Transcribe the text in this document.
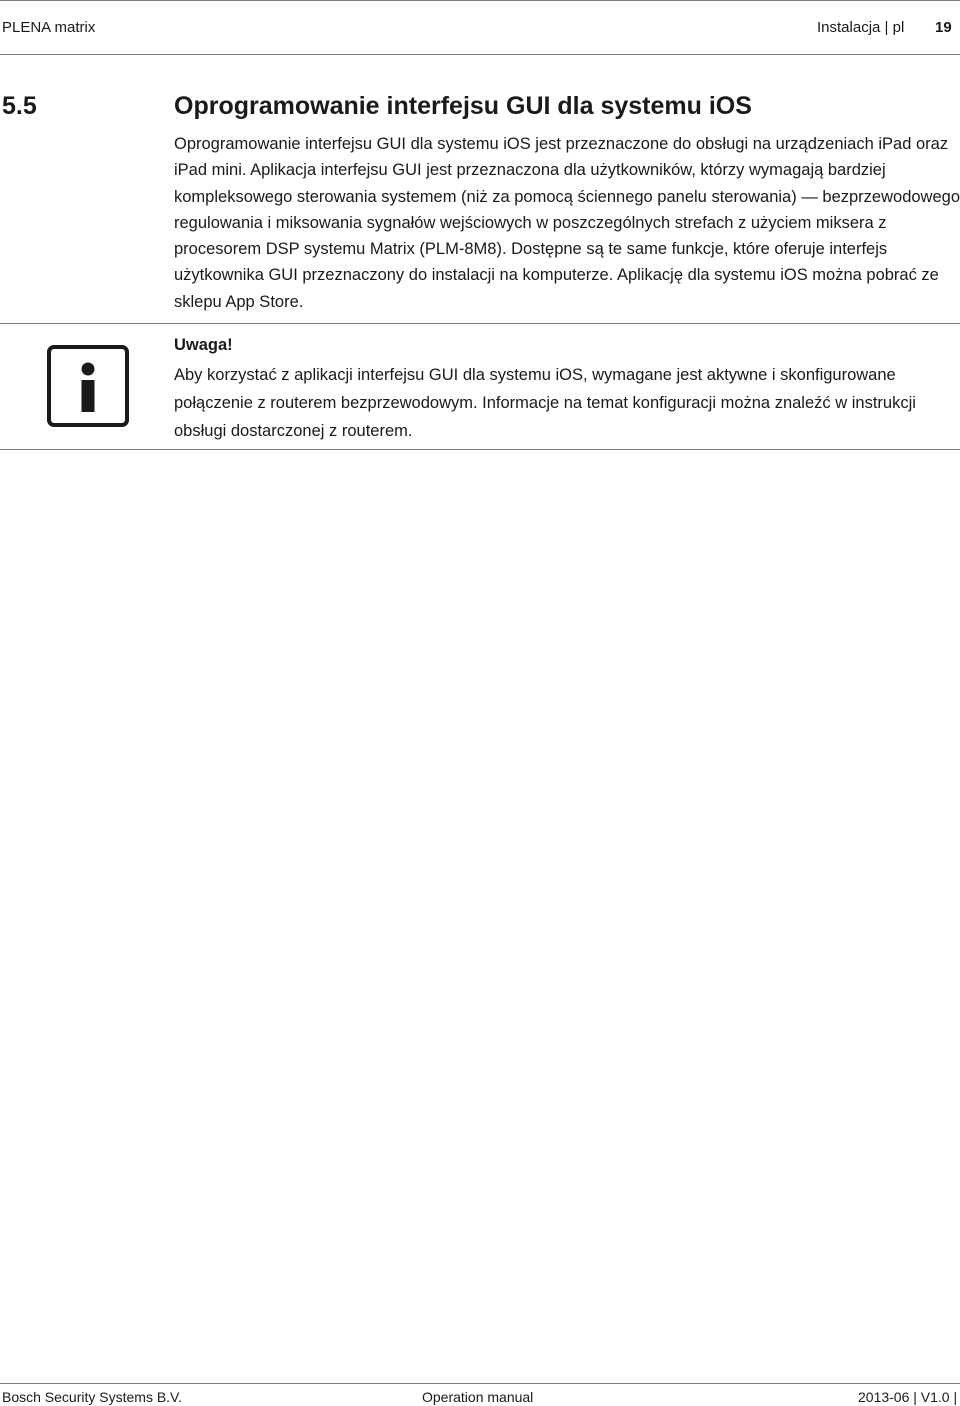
PLENA matrix	Instalacja | pl 19
5.5	Oprogramowanie interfejsu GUI dla systemu iOS

Oprogramowanie interfejsu GUI dla systemu iOS jest przeznaczone do obsługi na urządzeniach iPad oraz iPad mini. Aplikacja interfejsu GUI jest przeznaczona dla użytkowników, którzy wymagają bardziej kompleksowego sterowania systemem (niż za pomocą ściennego panelu sterowania) — bezprzewodowego regulowania i miksowania sygnałów wejściowych w poszczególnych strefach z użyciem miksera z procesorem DSP systemu Matrix (PLM-8M8). Dostępne są te same funkcje, które oferuje interfejs użytkownika GUI przeznaczony do instalacji na komputerze. Aplikację dla systemu iOS można pobrać ze sklepu App Store.

Uwaga!

Aby korzystać z aplikacji interfejsu GUI dla systemu iOS, wymagane jest aktywne i skonfigurowane połączenie z routerem bezprzewodowym. Informacje na temat konfiguracji można znaleźć w instrukcji obsługi dostarczonej z routerem.

Bosch Security Systems B.V.	Operation manual	2013-06 | V1.0 |
